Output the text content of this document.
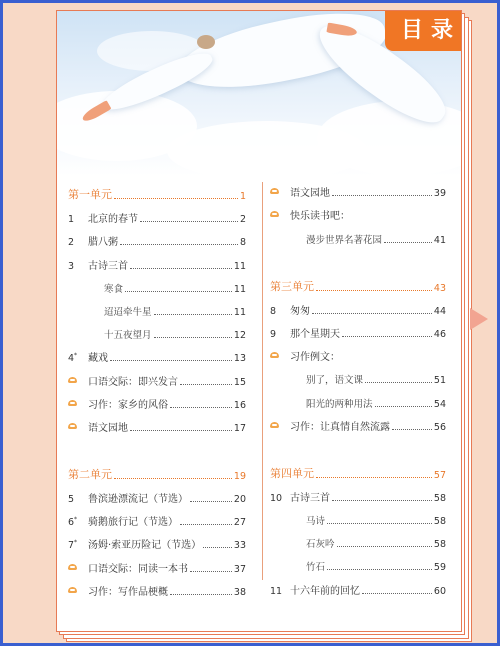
目录
第一单元	1
1	北京的春节	2
2	腊八粥	8
3	古诗三首	11
寒食	11
迢迢牵牛星	11
十五夜望月	12
4*	藏戏	13
口语交际：即兴发言	15
习作：家乡的风俗	16
语文园地	17
第二单元	19
5	鲁滨逊漂流记（节选）	20
6*	骑鹅旅行记（节选）	27
7*	汤姆·索亚历险记（节选）	33
口语交际：同读一本书	37
习作：写作品梗概	38
语文园地	39
快乐读书吧：
漫步世界名著花园	41
第三单元	43
8	匆匆	44
9	那个星期天	46
习作例文：
别了，语文课	51
阳光的两种用法	54
习作：让真情自然流露	56
第四单元	57
10 古诗三首	58
马诗	58
石灰吟	58
竹石	59
11 十六年前的回忆	60
